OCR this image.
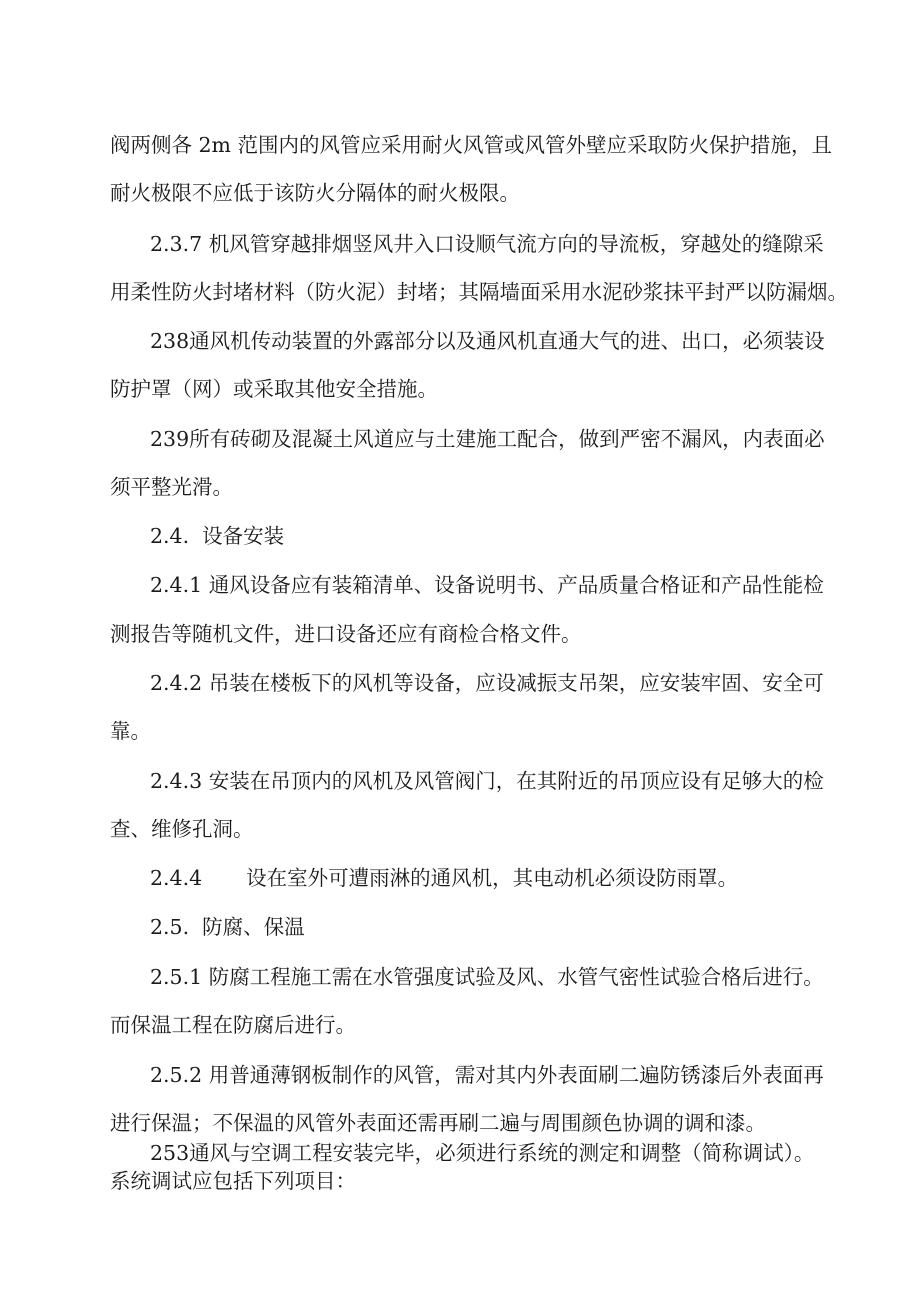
阀两侧各 2m 范围内的风管应采用耐火风管或风管外壁应采取防火保护措施，且
耐火极限不应低于该防火分隔体的耐火极限。
2.3.7 机风管穿越排烟竖风井入口设顺气流方向的导流板，穿越处的缝隙采
用柔性防火封堵材料（防火泥）封堵；其隔墙面采用水泥砂浆抹平封严以防漏烟。
238通风机传动装置的外露部分以及通风机直通大气的进、出口，必须装设
防护罩（网）或采取其他安全措施。
239所有砖砌及混凝土风道应与土建施工配合，做到严密不漏风，内表面必
须平整光滑。
2.4. 设备安装
2.4.1 通风设备应有装箱清单、设备说明书、产品质量合格证和产品性能检
测报告等随机文件，进口设备还应有商检合格文件。
2.4.2 吊装在楼板下的风机等设备，应设减振支吊架，应安装牢固、安全可
靠。
2.4.3 安装在吊顶内的风机及风管阀门，在其附近的吊顶应设有足够大的检
查、维修孔洞。
2.4.4 设在室外可遭雨淋的通风机，其电动机必须设防雨罩。
2.5. 防腐、保温
2.5.1 防腐工程施工需在水管强度试验及风、水管气密性试验合格后进行。
而保温工程在防腐后进行。
2.5.2 用普通薄钢板制作的风管，需对其内外表面刷二遍防锈漆后外表面再
进行保温；不保温的风管外表面还需再刷二遍与周围颜色协调的调和漆。
253通风与空调工程安装完毕，必须进行系统的测定和调整（简称调试）。
系统调试应包括下列项目：
